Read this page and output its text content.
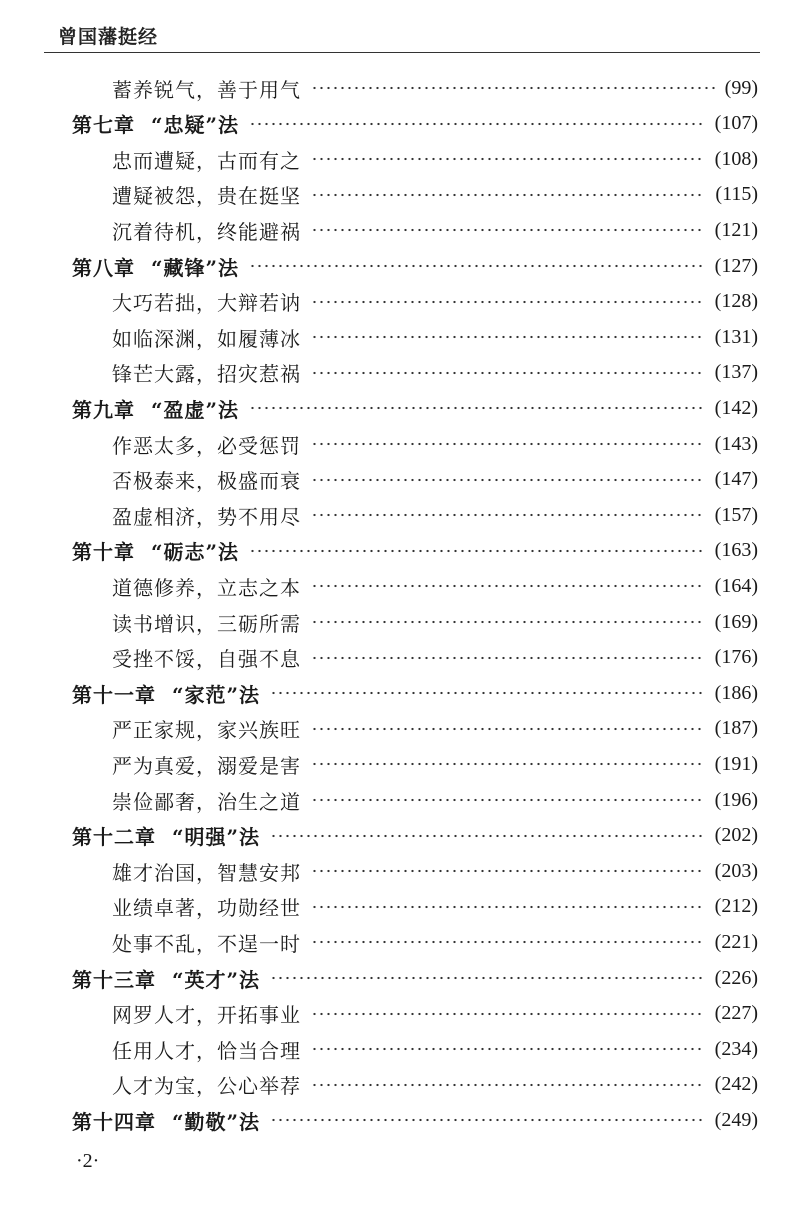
曾国藩挺经
蓄养锐气，善于用气	(99)
第七章 “忠疑”法	(107)
忠而遭疑，古而有之	(108)
遭疑被怨，贵在挺坚	(115)
沉着待机，终能避祸	(121)
第八章 “藏锋”法	(127)
大巧若拙，大辩若讷	(128)
如临深渊，如履薄冰	(131)
锋芒大露，招灾惹祸	(137)
第九章 “盈虚”法	(142)
作恶太多，必受惩罚	(143)
否极泰来，极盛而衰	(147)
盈虚相济，势不用尽	(157)
第十章 “砺志”法	(163)
道德修养，立志之本	(164)
读书增识，三砺所需	(169)
受挫不馁，自强不息	(176)
第十一章 “家范”法	(186)
严正家规，家兴族旺	(187)
严为真爱，溺爱是害	(191)
崇俭鄙奢，治生之道	(196)
第十二章 “明强”法	(202)
雄才治国，智慧安邦	(203)
业绩卓著，功勋经世	(212)
处事不乱，不逞一时	(221)
第十三章 “英才”法	(226)
网罗人才，开拓事业	(227)
任用人才，恰当合理	(234)
人才为宝，公心举荐	(242)
第十四章 “勤敬”法	(249)
·2·
